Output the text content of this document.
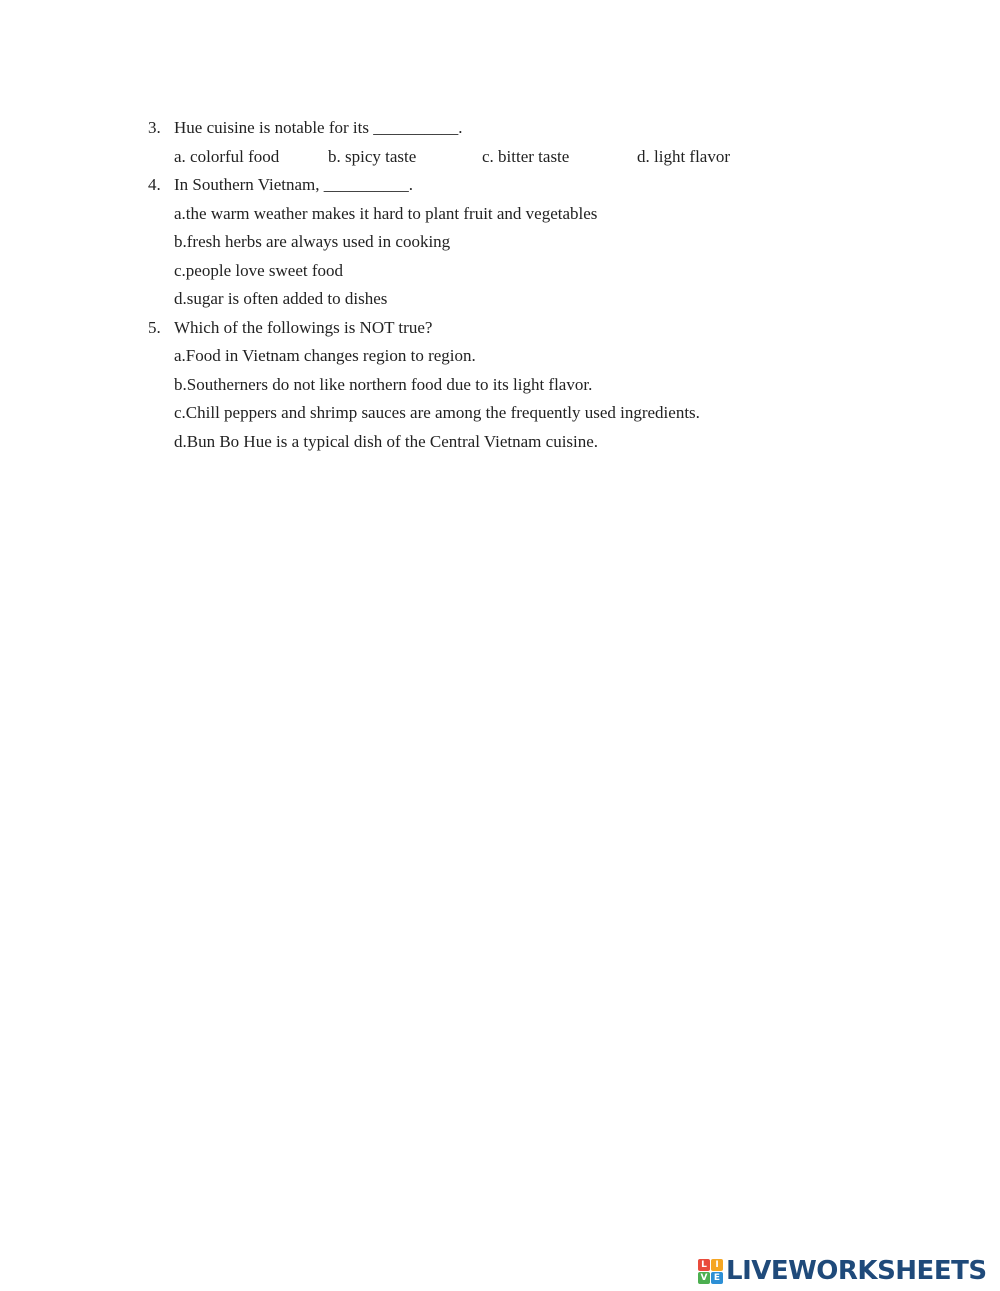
3. Hue cuisine is notable for its __________.
a. colorful food	b. spicy taste	c. bitter taste	d. light flavor
4. In Southern Vietnam, __________.
a.the warm weather makes it hard to plant fruit and vegetables
b.fresh herbs are always used in cooking
c.people love sweet food
d.sugar is often added to dishes
5. Which of the followings is NOT true?
a.Food in Vietnam changes region to region.
b.Southerners do not like northern food due to its light flavor.
c.Chill peppers and shrimp sauces are among the frequently used ingredients.
d.Bun Bo Hue is a typical dish of the Central Vietnam cuisine.
L I
V E LIVEWORKSHEETS
